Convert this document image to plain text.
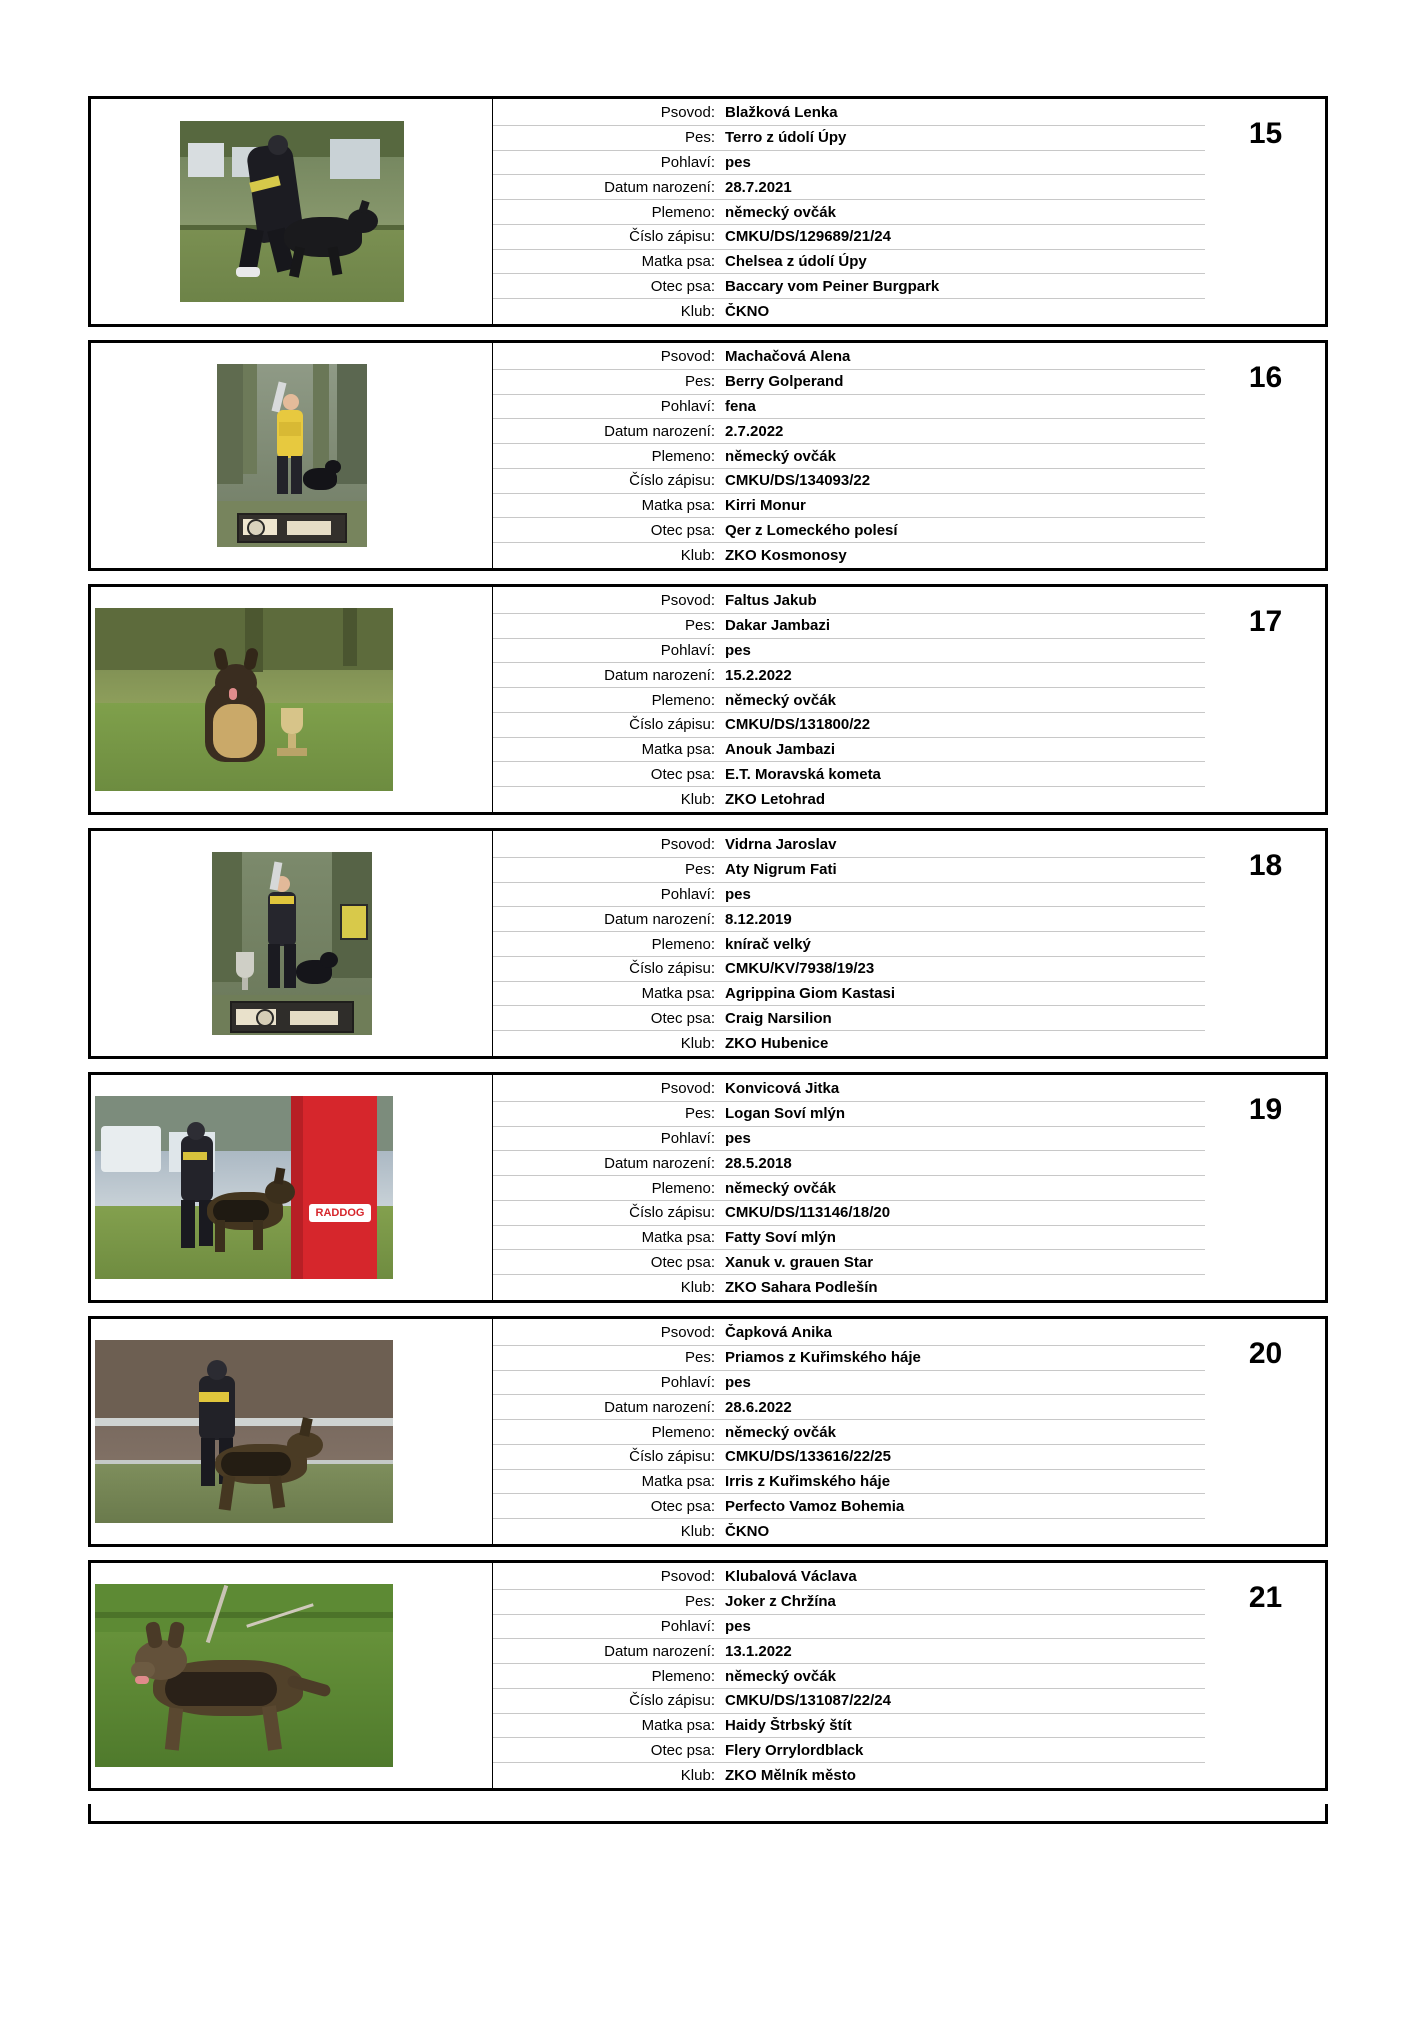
Psovod: Blažková Lenka
Pes: Terro z údolí Úpy
Pohlaví: pes
Datum narození: 28.7.2021
Plemeno: německý ovčák
Číslo zápisu: CMKU/DS/129689/21/24
Matka psa: Chelsea z údolí Úpy
Otec psa: Baccary vom Peiner Burgpark
Klub: ČKNO
15
Psovod: Machačová Alena
Pes: Berry Golperand
Pohlaví: fena
Datum narození: 2.7.2022
Plemeno: německý ovčák
Číslo zápisu: CMKU/DS/134093/22
Matka psa: Kirri Monur
Otec psa: Qer z Lomeckého polesí
Klub: ZKO Kosmonosy
16
Psovod: Faltus Jakub
Pes: Dakar Jambazi
Pohlaví: pes
Datum narození: 15.2.2022
Plemeno: německý ovčák
Číslo zápisu: CMKU/DS/131800/22
Matka psa: Anouk Jambazi
Otec psa: E.T. Moravská kometa
Klub: ZKO Letohrad
17
Psovod: Vidrna Jaroslav
Pes: Aty Nigrum Fati
Pohlaví: pes
Datum narození: 8.12.2019
Plemeno: knírač velký
Číslo zápisu: CMKU/KV/7938/19/23
Matka psa: Agrippina Giom Kastasi
Otec psa: Craig Narsilion
Klub: ZKO Hubenice
18
RADDOG
Psovod: Konvicová Jitka
Pes: Logan Soví mlýn
Pohlaví: pes
Datum narození: 28.5.2018
Plemeno: německý ovčák
Číslo zápisu: CMKU/DS/113146/18/20
Matka psa: Fatty Soví mlýn
Otec psa: Xanuk v. grauen Star
Klub: ZKO Sahara Podlešín
19
Psovod: Čapková Anika
Pes: Priamos z Kuřimského háje
Pohlaví: pes
Datum narození: 28.6.2022
Plemeno: německý ovčák
Číslo zápisu: CMKU/DS/133616/22/25
Matka psa: Irris z Kuřimského háje
Otec psa: Perfecto Vamoz Bohemia
Klub: ČKNO
20
Psovod: Klubalová Václava
Pes: Joker z Chržína
Pohlaví: pes
Datum narození: 13.1.2022
Plemeno: německý ovčák
Číslo zápisu: CMKU/DS/131087/22/24
Matka psa: Haidy Štrbský štít
Otec psa: Flery Orrylordblack
Klub: ZKO Mělník město
21
